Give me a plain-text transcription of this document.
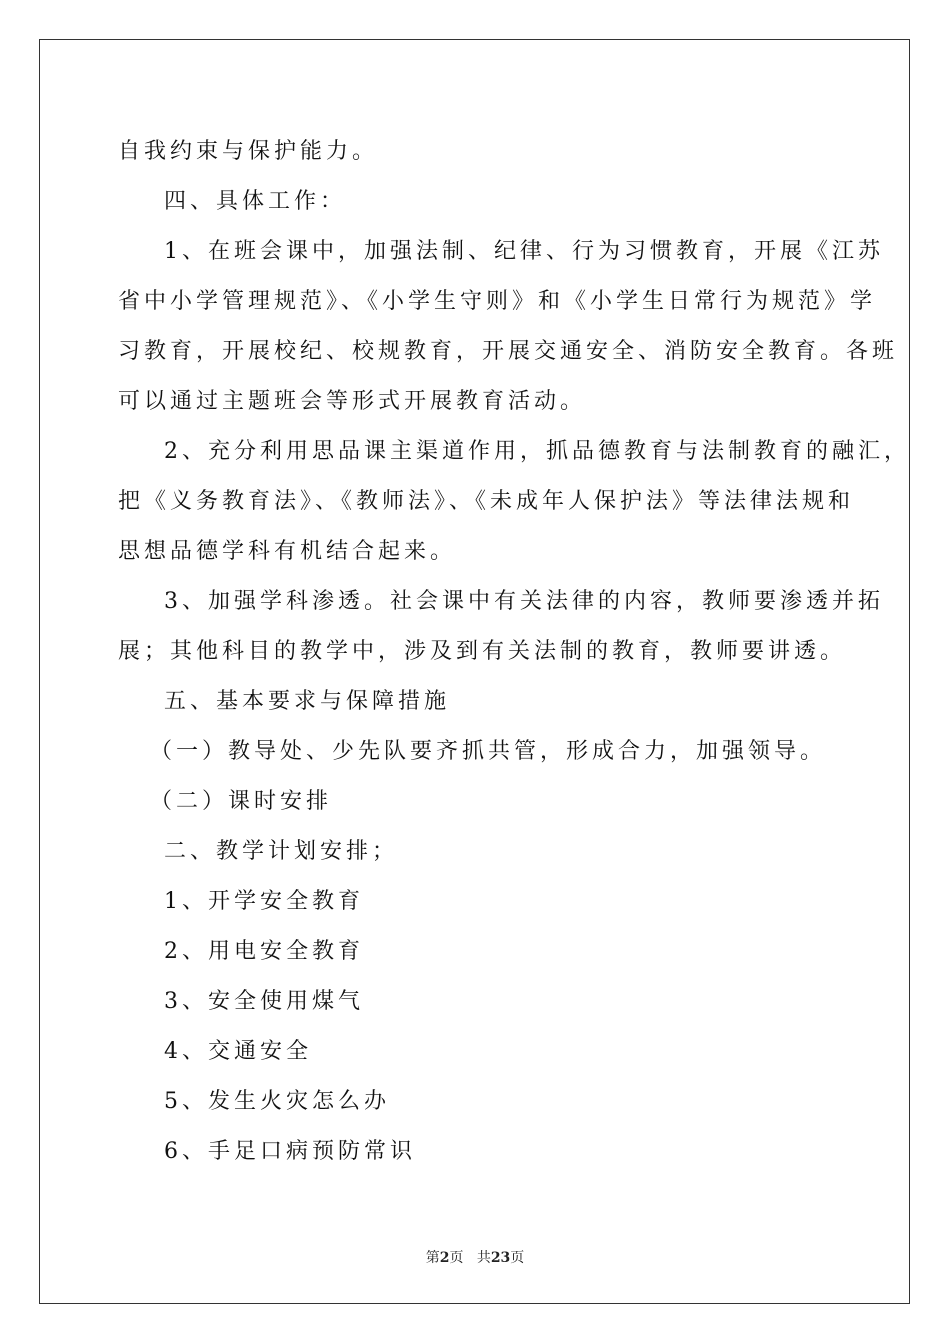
自我约束与保护能力。
四、具体工作：
1、在班会课中，加强法制、纪律、行为习惯教育，开展《江苏
省中小学管理规范》、《小学生守则》和《小学生日常行为规范》学
习教育，开展校纪、校规教育，开展交通安全、消防安全教育。各班
可以通过主题班会等形式开展教育活动。
2、充分利用思品课主渠道作用，抓品德教育与法制教育的融汇，
把《义务教育法》、《教师法》、《未成年人保护法》等法律法规和
思想品德学科有机结合起来。
3、加强学科渗透。社会课中有关法律的内容，教师要渗透并拓
展；其他科目的教学中，涉及到有关法制的教育，教师要讲透。
五、基本要求与保障措施
（一）教导处、少先队要齐抓共管，形成合力，加强领导。
（二）课时安排
二、教学计划安排；
1、开学安全教育
2、用电安全教育
3、安全使用煤气
4、交通安全
5、发生火灾怎么办
6、手足口病预防常识
第2页 共23页
